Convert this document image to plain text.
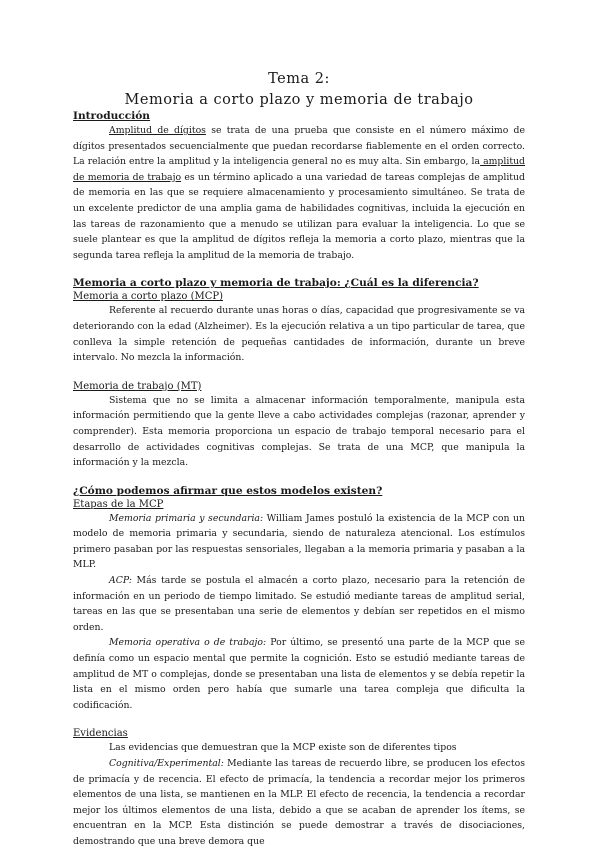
Tema 2:
Memoria a corto plazo y memoria de trabajo
Introducción

Amplitud de dígitos se trata de una prueba que consiste en el número máximo de dígitos presentados secuencialmente que puedan recordarse fiablemente en el orden correcto. La relación entre la amplitud y la inteligencia general no es muy alta. Sin embargo, la amplitud de memoria de trabajo es un término aplicado a una variedad de tareas complejas de amplitud de memoria en las que se requiere almacenamiento y procesamiento simultáneo. Se trata de un excelente predictor de una amplia gama de habilidades cognitivas, incluida la ejecución en las tareas de razonamiento que a menudo se utilizan para evaluar la inteligencia. Lo que se suele plantear es que la amplitud de dígitos refleja la memoria a corto plazo, mientras que la segunda tarea refleja la amplitud de la memoria de trabajo.

Memoria a corto plazo y memoria de trabajo: ¿Cuál es la diferencia?
Memoria a corto plazo (MCP)

Referente al recuerdo durante unas horas o días, capacidad que progresivamente se va deteriorando con la edad (Alzheimer). Es la ejecución relativa a un tipo particular de tarea, que conlleva la simple retención de pequeñas cantidades de información, durante un breve intervalo. No mezcla la información.

Memoria de trabajo (MT)

Sistema que no se limita a almacenar información temporalmente, manipula esta información permitiendo que la gente lleve a cabo actividades complejas (razonar, aprender y comprender). Esta memoria proporciona un espacio de trabajo temporal necesario para el desarrollo de actividades cognitivas complejas. Se trata de una MCP, que manipula la información y la mezcla.

¿Cómo podemos afirmar que estos modelos existen?
Etapas de la MCP

Memoria primaria y secundaria: William James postuló la existencia de la MCP con un modelo de memoria primaria y secundaria, siendo de naturaleza atencional. Los estímulos primero pasaban por las respuestas sensoriales, llegaban a la memoria primaria y pasaban a la MLP.

ACP: Más tarde se postula el almacén a corto plazo, necesario para la retención de información en un periodo de tiempo limitado. Se estudió mediante tareas de amplitud serial, tareas en las que se presentaban una serie de elementos y debían ser repetidos en el mismo orden.

Memoria operativa o de trabajo: Por último, se presentó una parte de la MCP que se definía como un espacio mental que permite la cognición. Esto se estudió mediante tareas de amplitud de MT o complejas, donde se presentaban una lista de elementos y se debía repetir la lista en el mismo orden pero había que sumarle una tarea compleja que dificulta la codificación.

Evidencias

Las evidencias que demuestran que la MCP existe son de diferentes tipos

Cognitiva/Experimental: Mediante las tareas de recuerdo libre, se producen los efectos de primacía y de recencia. El efecto de primacía, la tendencia a recordar mejor los primeros elementos de una lista, se mantienen en la MLP. El efecto de recencia, la tendencia a recordar mejor los últimos elementos de una lista, debido a que se acaban de aprender los ítems, se encuentran en la MCP. Esta distinción se puede demostrar a través de disociaciones, demostrando que una breve demora que
